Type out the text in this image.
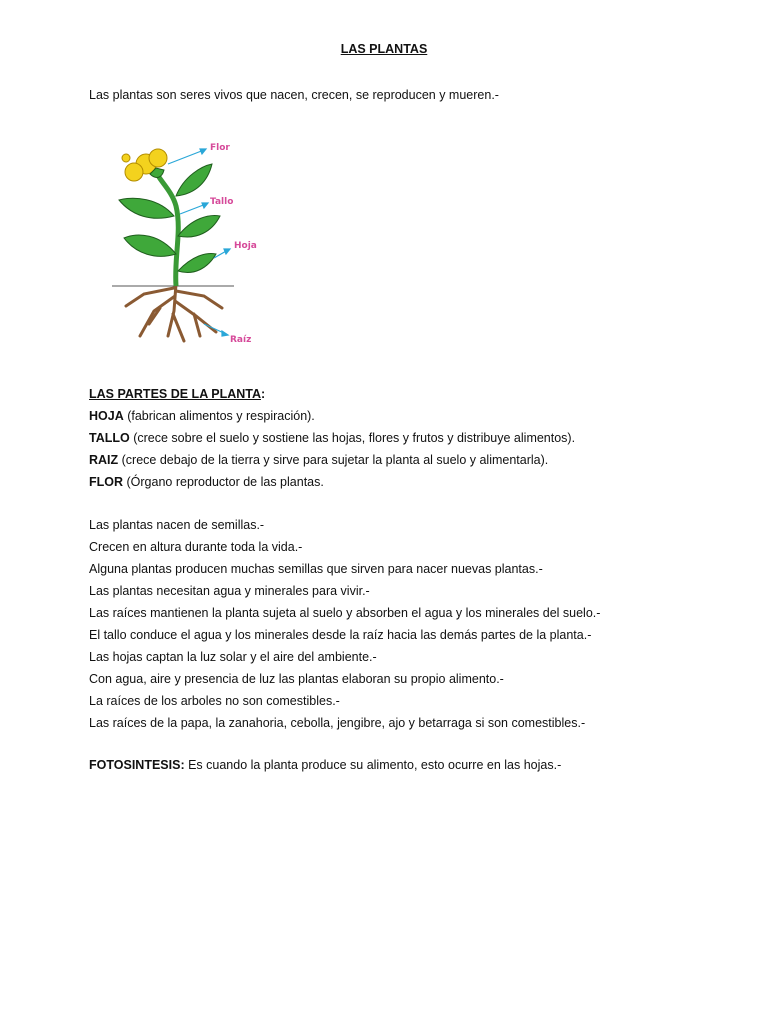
LAS PLANTAS
Las plantas son seres vivos que nacen, crecen, se reproducen y mueren.-
Flor
Tallo
Hoja
Raíz
LAS PARTES DE LA PLANTA:
HOJA (fabrican alimentos y respiración).
TALLO (crece sobre el suelo y sostiene las hojas, flores y frutos y distribuye alimentos).
RAIZ (crece debajo de la tierra y sirve para sujetar la planta al suelo y alimentarla).
FLOR (Órgano reproductor de las plantas.
Las plantas nacen de semillas.-
Crecen en altura durante toda la vida.-
Alguna plantas producen muchas semillas que sirven para nacer nuevas plantas.-
Las plantas necesitan agua y minerales para vivir.-
Las raíces mantienen la planta sujeta al suelo y absorben el agua y los minerales del suelo.-
El tallo conduce el agua y los minerales desde la raíz hacia las demás partes de la planta.-
Las hojas captan la luz solar y el aire del ambiente.-
Con agua, aire y presencia de luz las plantas elaboran su propio alimento.-
La raíces de los arboles no son comestibles.-
Las raíces de la papa, la zanahoria, cebolla, jengibre, ajo y betarraga si son comestibles.-
FOTOSINTESIS: Es cuando la planta produce su alimento, esto ocurre en las hojas.-
